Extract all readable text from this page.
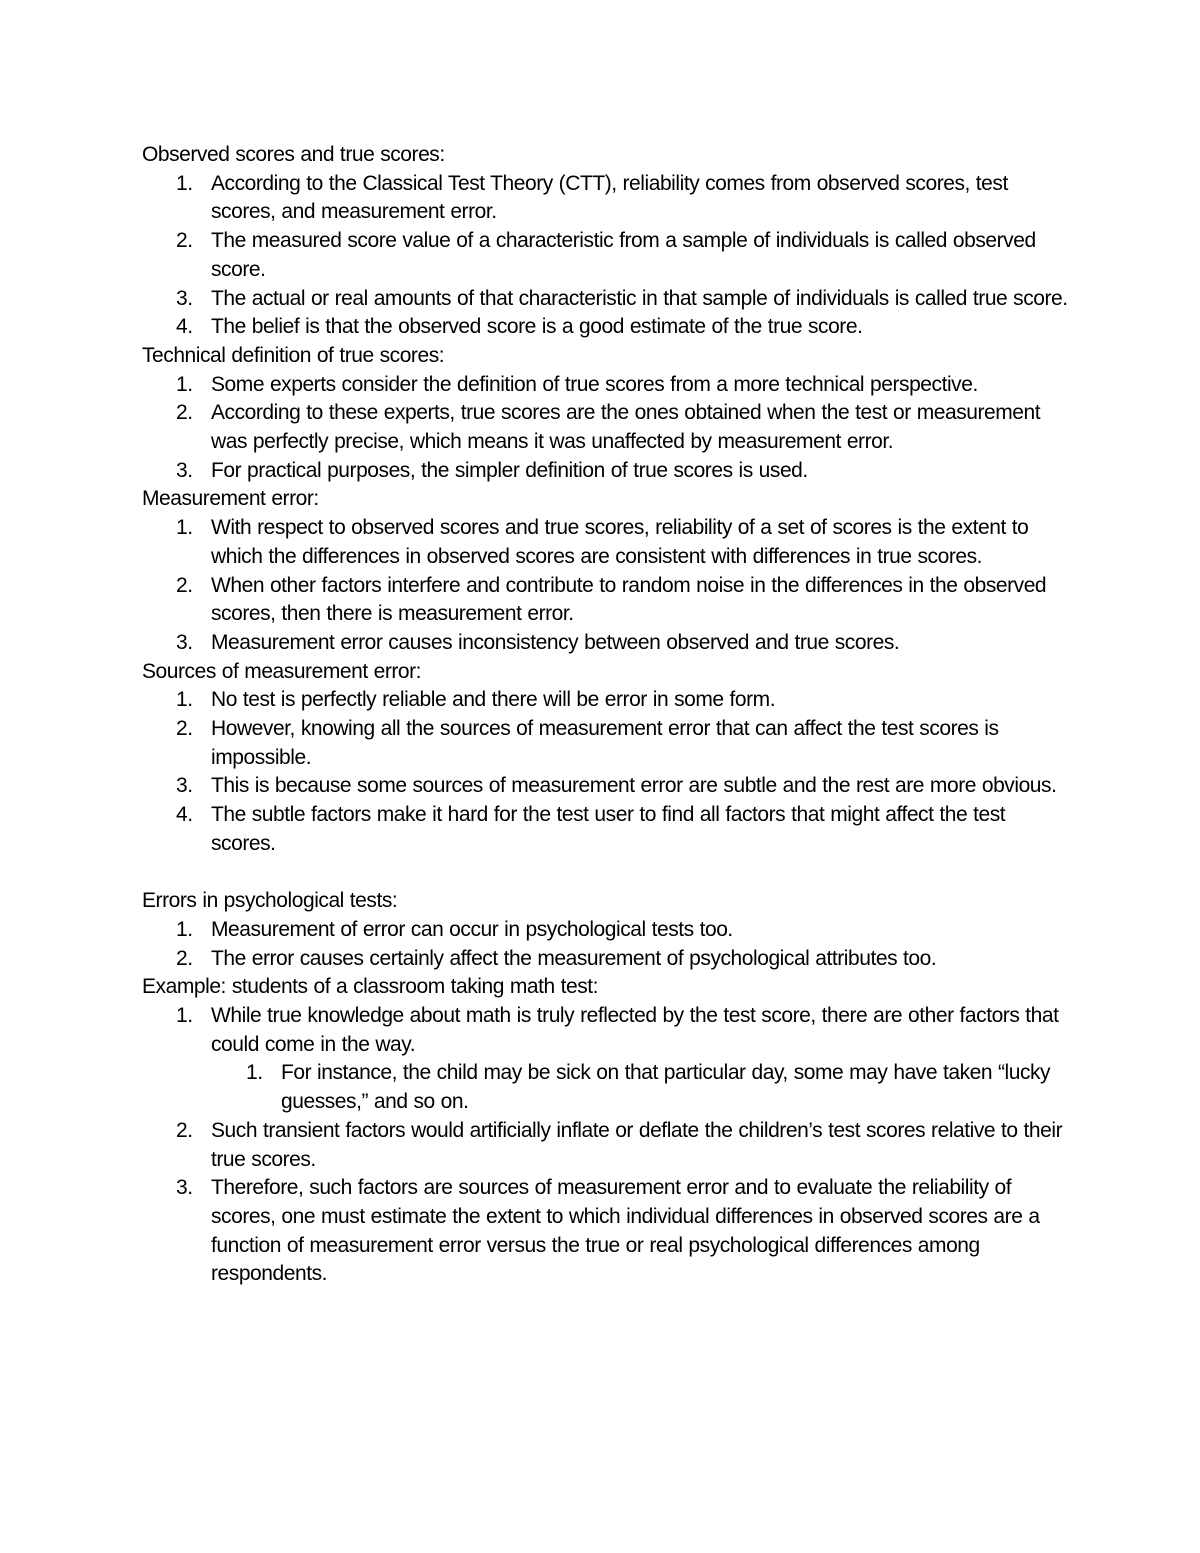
Observed scores and true scores:

1. According to the Classical Test Theory (CTT), reliability comes from observed scores, test scores, and measurement error.
2. The measured score value of a characteristic from a sample of individuals is called observed score.
3. The actual or real amounts of that characteristic in that sample of individuals is called true score.
4. The belief is that the observed score is a good estimate of the true score.

Technical definition of true scores:

1. Some experts consider the definition of true scores from a more technical perspective.
2. According to these experts, true scores are the ones obtained when the test or measurement was perfectly precise, which means it was unaffected by measurement error.
3. For practical purposes, the simpler definition of true scores is used.

Measurement error:

1. With respect to observed scores and true scores, reliability of a set of scores is the extent to which the differences in observed scores are consistent with differences in true scores.
2. When other factors interfere and contribute to random noise in the differences in the observed scores, then there is measurement error.
3. Measurement error causes inconsistency between observed and true scores.

Sources of measurement error:

1. No test is perfectly reliable and there will be error in some form.
2. However, knowing all the sources of measurement error that can affect the test scores is impossible.
3. This is because some sources of measurement error are subtle and the rest are more obvious.
4. The subtle factors make it hard for the test user to find all factors that might affect the test scores.

Errors in psychological tests:

1. Measurement of error can occur in psychological tests too.
2. The error causes certainly affect the measurement of psychological attributes too.

Example: students of a classroom taking math test:

1. While true knowledge about math is truly reflected by the test score, there are other factors that could come in the way.
1. For instance, the child may be sick on that particular day, some may have taken “lucky guesses,” and so on.
2. Such transient factors would artificially inflate or deflate the children’s test scores relative to their true scores.
3. Therefore, such factors are sources of measurement error and to evaluate the reliability of scores, one must estimate the extent to which individual differences in observed scores are a function of measurement error versus the true or real psychological differences among respondents.
